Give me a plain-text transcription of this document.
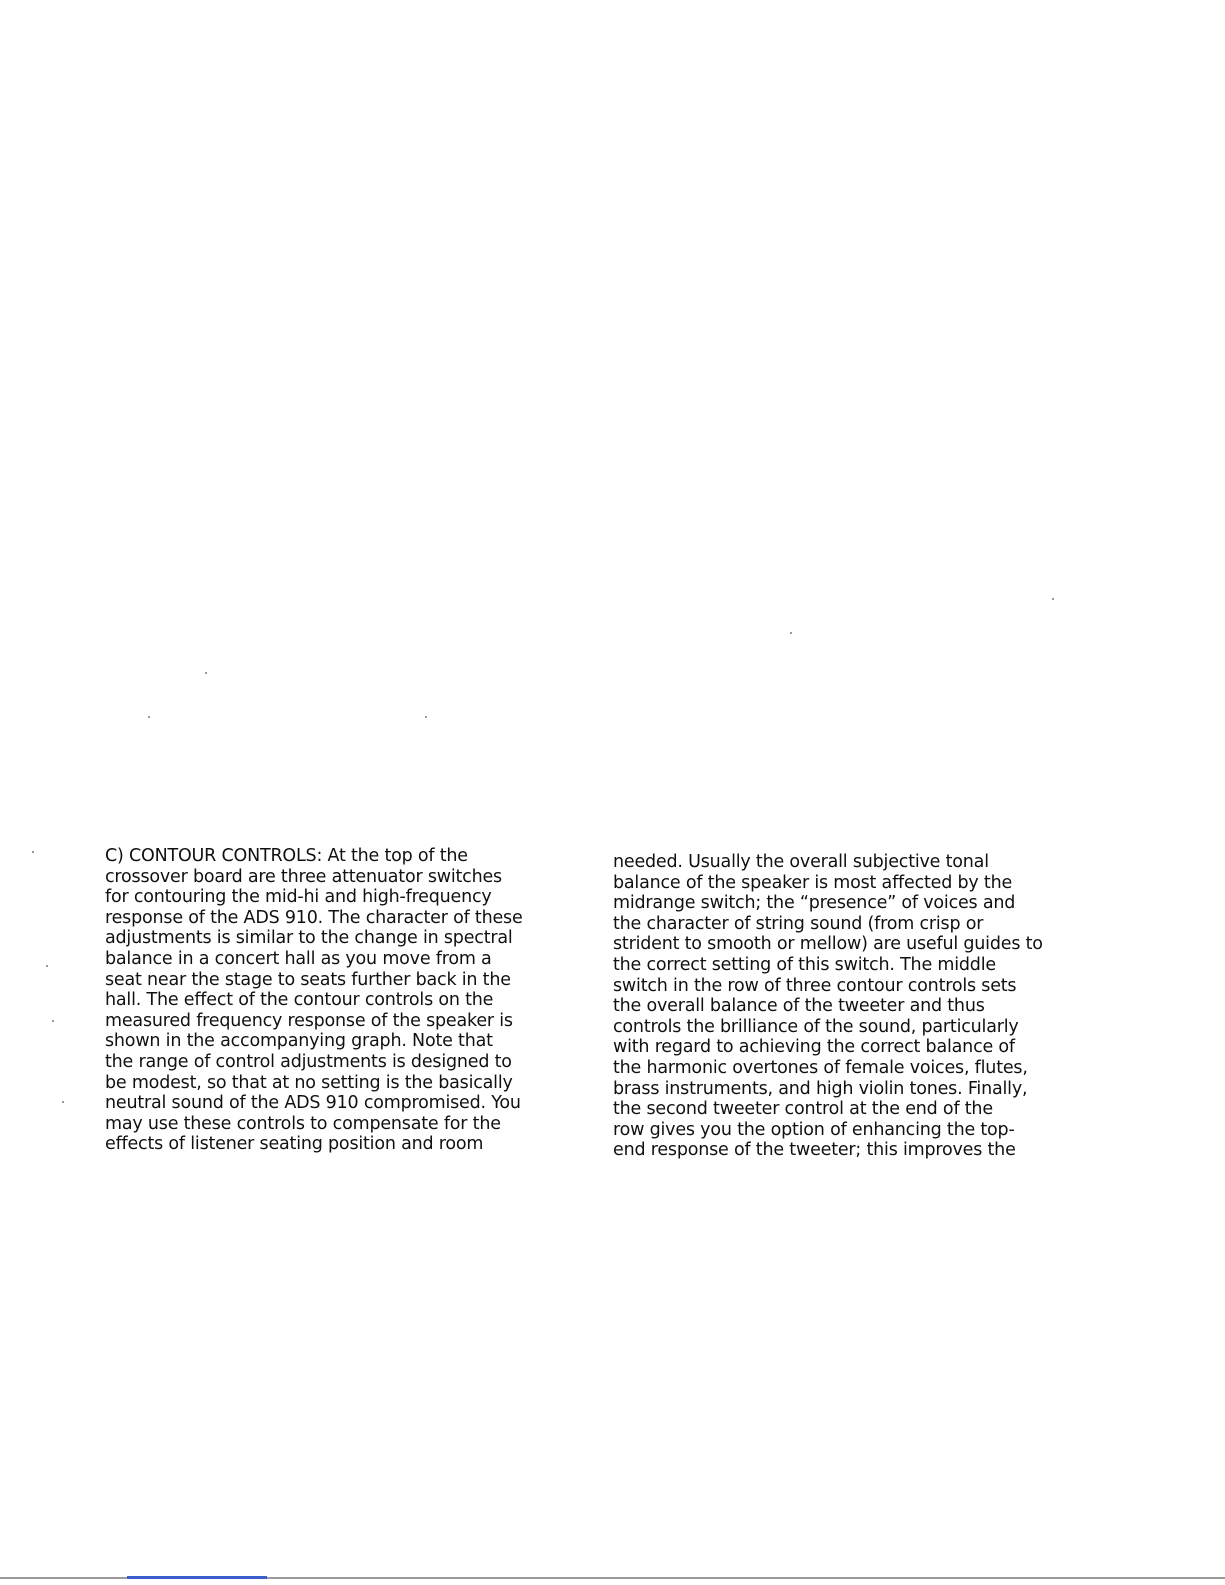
C) CONTOUR CONTROLS: At the top of the
crossover board are three attenuator switches
for contouring the mid-hi and high-frequency
response of the ADS 910. The character of these
adjustments is similar to the change in spectral
balance in a concert hall as you move from a
seat near the stage to seats further back in the
hall. The effect of the contour controls on the
measured frequency response of the speaker is
shown in the accompanying graph. Note that
the range of control adjustments is designed to
be modest, so that at no setting is the basically
neutral sound of the ADS 910 compromised. You
may use these controls to compensate for the
effects of listener seating position and room
needed. Usually the overall subjective tonal
balance of the speaker is most affected by the
midrange switch; the “presence” of voices and
the character of string sound (from crisp or
strident to smooth or mellow) are useful guides to
the correct setting of this switch. The middle
switch in the row of three contour controls sets
the overall balance of the tweeter and thus
controls the brilliance of the sound, particularly
with regard to achieving the correct balance of
the harmonic overtones of female voices, flutes,
brass instruments, and high violin tones. Finally,
the second tweeter control at the end of the
row gives you the option of enhancing the top-
end response of the tweeter; this improves the
